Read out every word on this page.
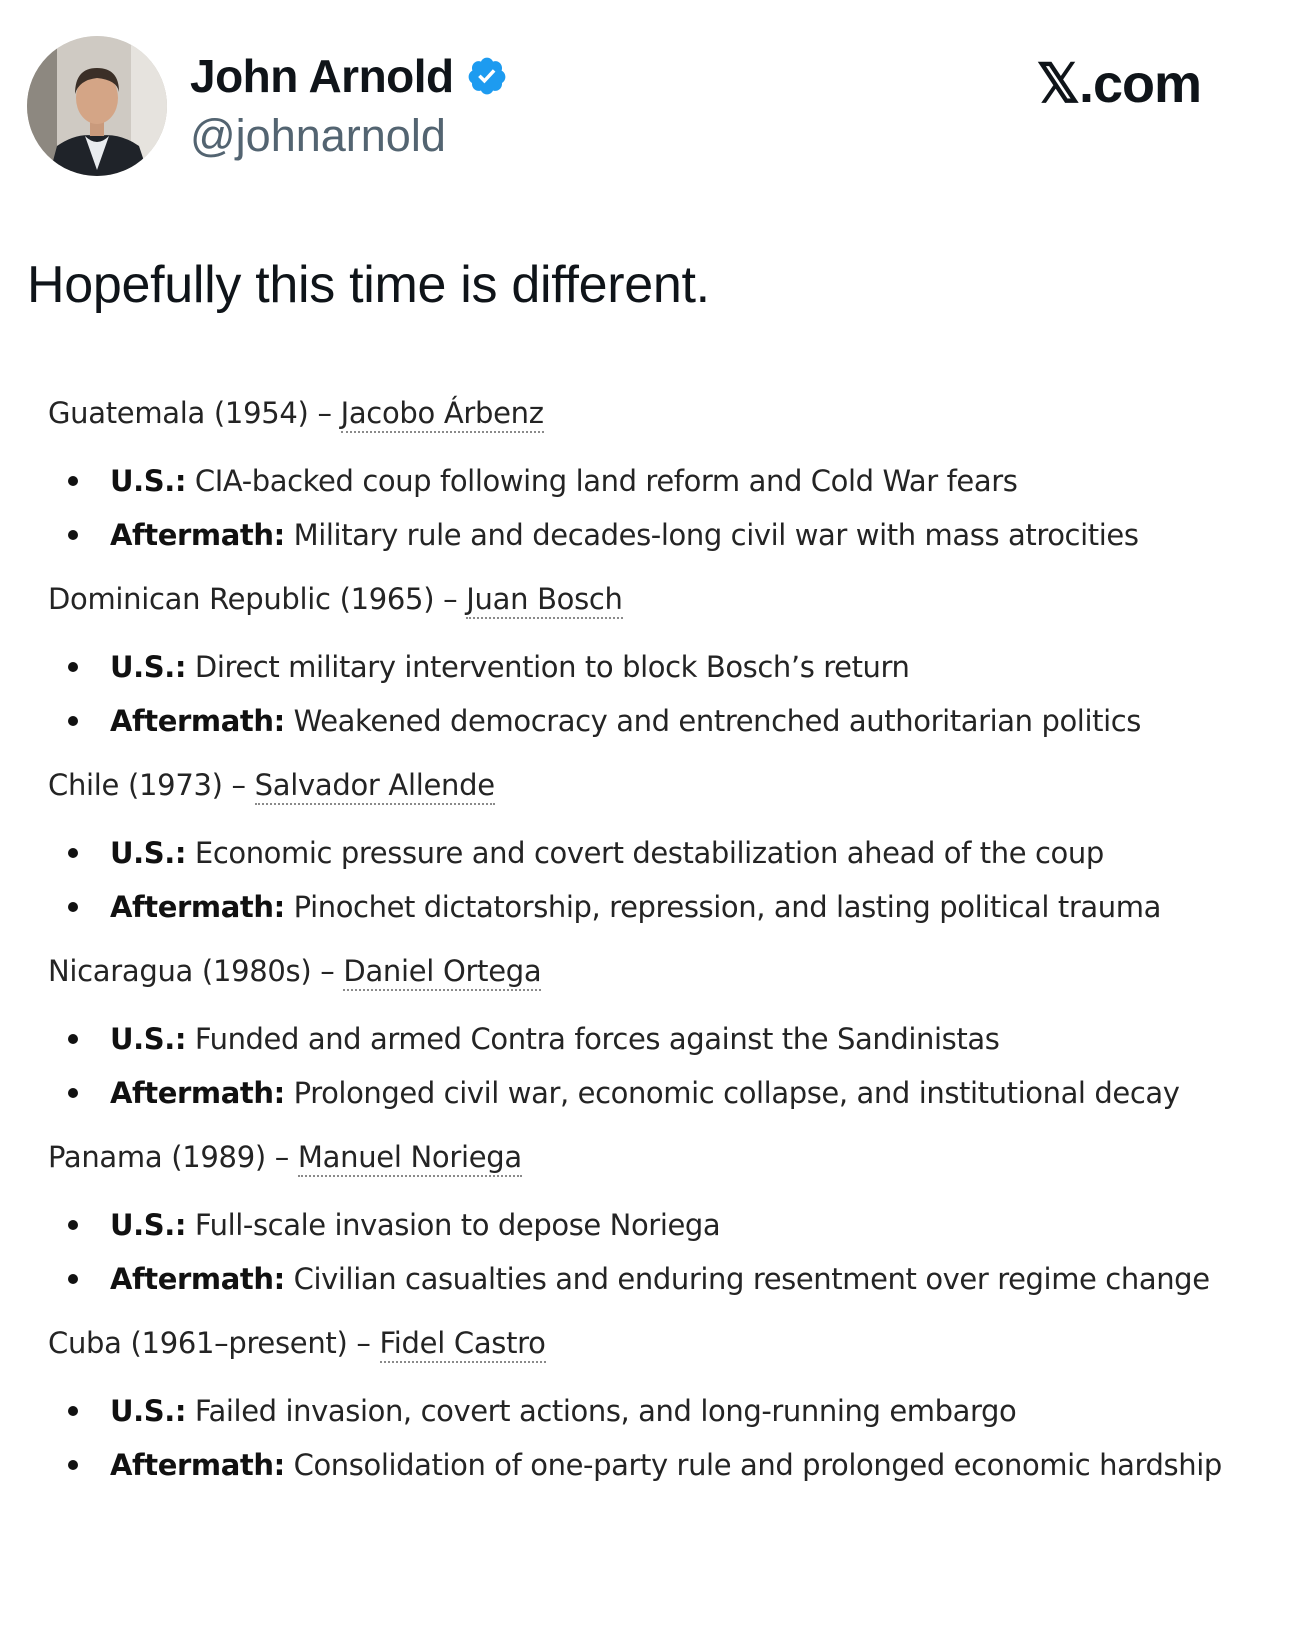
John Arnold
@johnarnold
𝕏.com
Hopefully this time is different.
Guatemala (1954) – Jacobo Árbenz
U.S.: CIA-backed coup following land reform and Cold War fears
Aftermath: Military rule and decades-long civil war with mass atrocities
Dominican Republic (1965) – Juan Bosch
U.S.: Direct military intervention to block Bosch’s return
Aftermath: Weakened democracy and entrenched authoritarian politics
Chile (1973) – Salvador Allende
U.S.: Economic pressure and covert destabilization ahead of the coup
Aftermath: Pinochet dictatorship, repression, and lasting political trauma
Nicaragua (1980s) – Daniel Ortega
U.S.: Funded and armed Contra forces against the Sandinistas
Aftermath: Prolonged civil war, economic collapse, and institutional decay
Panama (1989) – Manuel Noriega
U.S.: Full-scale invasion to depose Noriega
Aftermath: Civilian casualties and enduring resentment over regime change
Cuba (1961–present) – Fidel Castro
U.S.: Failed invasion, covert actions, and long-running embargo
Aftermath: Consolidation of one-party rule and prolonged economic hardship
